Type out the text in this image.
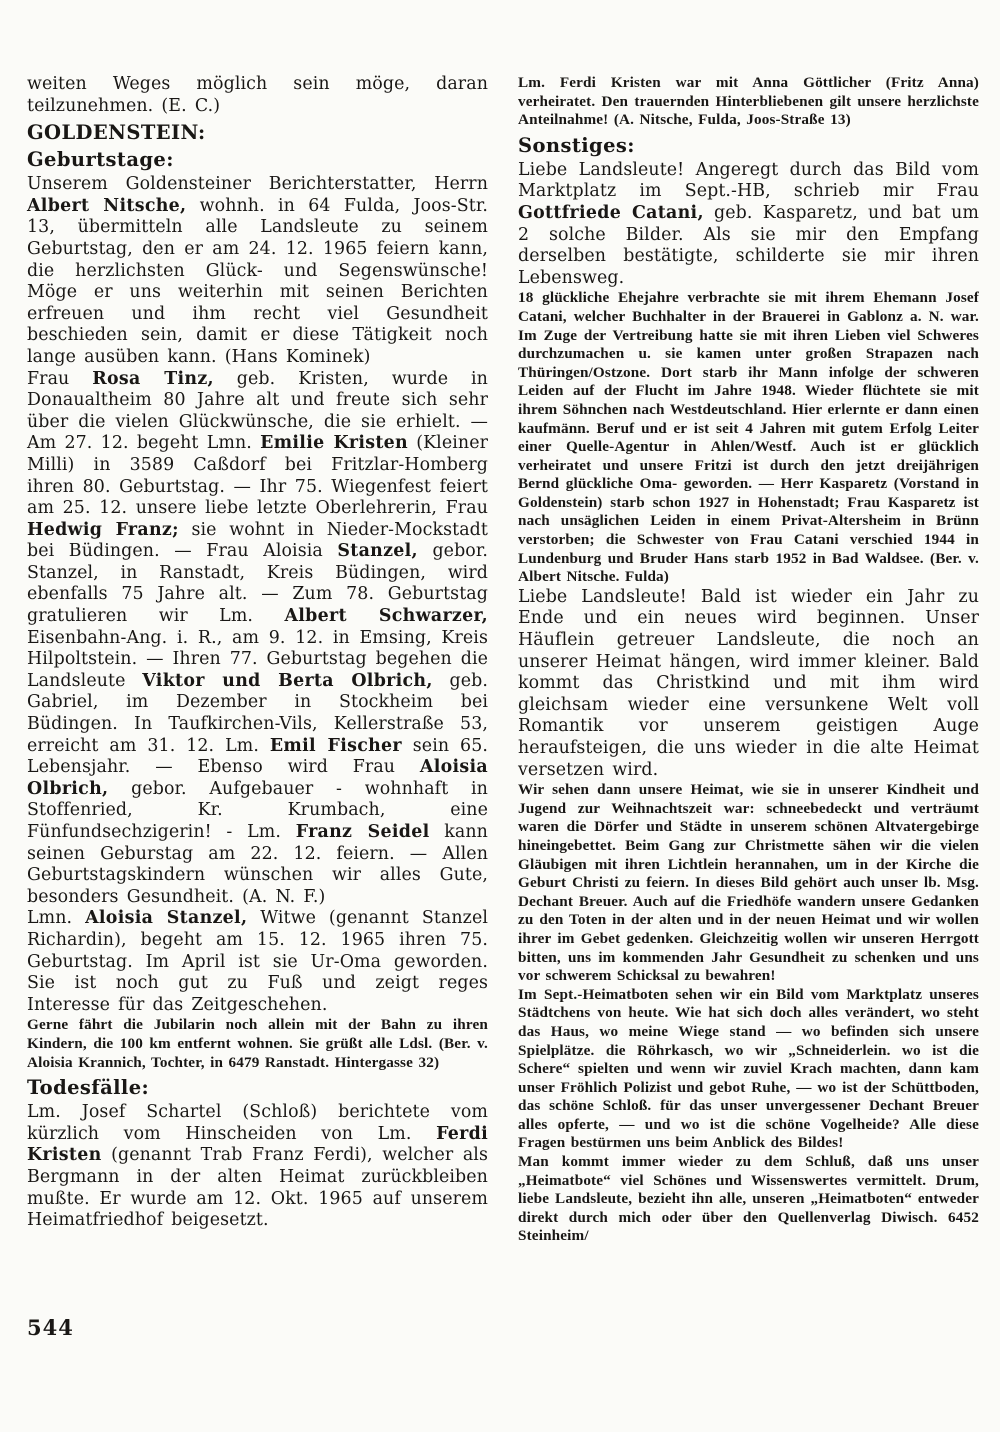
weiten Weges möglich sein möge, daran teilzunehmen. (E. C.)

GOLDENSTEIN:
Geburtstage:

Unserem Goldensteiner Berichterstatter, Herrn Albert Nitsche, wohnh. in 64 Fulda, Joos-Str. 13, übermitteln alle Landsleute zu seinem Geburtstag, den er am 24. 12. 1965 feiern kann, die herzlichsten Glück- und Segenswünsche! Möge er uns weiterhin mit seinen Berichten erfreuen und ihm recht viel Gesundheit beschieden sein, damit er diese Tätigkeit noch lange ausüben kann. (Hans Kominek)

Frau Rosa Tinz, geb. Kristen, wurde in Donaualtheim 80 Jahre alt und freute sich sehr über die vielen Glückwünsche, die sie erhielt. — Am 27. 12. begeht Lmn. Emilie Kristen (Kleiner Milli) in 3589 Caßdorf bei Fritzlar-Homberg ihren 80. Geburtstag. — Ihr 75. Wiegenfest feiert am 25. 12. unsere liebe letzte Oberlehrerin, Frau Hedwig Franz; sie wohnt in Nieder-Mockstadt bei Büdingen. — Frau Aloisia Stanzel, gebor. Stanzel, in Ranstadt, Kreis Büdingen, wird ebenfalls 75 Jahre alt. — Zum 78. Geburtstag gratulieren wir Lm. Albert Schwarzer, Eisenbahn-Ang. i. R., am 9. 12. in Emsing, Kreis Hilpoltstein. — Ihren 77. Geburtstag begehen die Landsleute Viktor und Berta Olbrich, geb. Gabriel, im Dezember in Stockheim bei Büdingen. In Taufkirchen-Vils, Kellerstraße 53, erreicht am 31. 12. Lm. Emil Fischer sein 65. Lebensjahr. — Ebenso wird Frau Aloisia Olbrich, gebor. Aufgebauer - wohnhaft in Stoffenried, Kr. Krumbach, eine Fünfundsechzigerin! - Lm. Franz Seidel kann seinen Geburstag am 22. 12. feiern. — Allen Geburtstagskindern wünschen wir alles Gute, besonders Gesundheit. (A. N. F.)

Lmn. Aloisia Stanzel, Witwe (genannt Stanzel Richardin), begeht am 15. 12. 1965 ihren 75. Geburtstag. Im April ist sie Ur-Oma geworden. Sie ist noch gut zu Fuß und zeigt reges Interesse für das Zeitgeschehen.

Gerne fährt die Jubilarin noch allein mit der Bahn zu ihren Kindern, die 100 km entfernt wohnen. Sie grüßt alle Ldsl. (Ber. v. Aloisia Krannich, Tochter, in 6479 Ranstadt. Hintergasse 32)

Todesfälle:

Lm. Josef Schartel (Schloß) berichtete vom kürzlich vom Hinscheiden von Lm. Ferdi Kristen (genannt Trab Franz Ferdi), welcher als Bergmann in der alten Heimat zurückbleiben mußte. Er wurde am 12. Okt. 1965 auf unserem Heimatfriedhof beigesetzt.

Lm. Ferdi Kristen war mit Anna Göttlicher (Fritz Anna) verheiratet. Den trauernden Hinterbliebenen gilt unsere herzlichste Anteilnahme! (A. Nitsche, Fulda, Joos-Straße 13)

Sonstiges:

Liebe Landsleute! Angeregt durch das Bild vom Marktplatz im Sept.-HB, schrieb mir Frau Gottfriede Catani, geb. Kasparetz, und bat um 2 solche Bilder. Als sie mir den Empfang derselben bestätigte, schilderte sie mir ihren Lebensweg.

18 glückliche Ehejahre verbrachte sie mit ihrem Ehemann Josef Catani, welcher Buchhalter in der Brauerei in Gablonz a. N. war. Im Zuge der Vertreibung hatte sie mit ihren Lieben viel Schweres durchzumachen u. sie kamen unter großen Strapazen nach Thüringen/Ostzone. Dort starb ihr Mann infolge der schweren Leiden auf der Flucht im Jahre 1948. Wieder flüchtete sie mit ihrem Söhnchen nach Westdeutschland. Hier erlernte er dann einen kaufmänn. Beruf und er ist seit 4 Jahren mit gutem Erfolg Leiter einer Quelle-Agentur in Ahlen/Westf. Auch ist er glücklich verheiratet und unsere Fritzi ist durch den jetzt dreijährigen Bernd glückliche Oma- geworden. — Herr Kasparetz (Vorstand in Goldenstein) starb schon 1927 in Hohenstadt; Frau Kasparetz ist nach unsäglichen Leiden in einem Privat-Altersheim in Brünn verstorben; die Schwester von Frau Catani verschied 1944 in Lundenburg und Bruder Hans starb 1952 in Bad Waldsee. (Ber. v. Albert Nitsche. Fulda)

Liebe Landsleute! Bald ist wieder ein Jahr zu Ende und ein neues wird beginnen. Unser Häuflein getreuer Landsleute, die noch an unserer Heimat hängen, wird immer kleiner. Bald kommt das Christkind und mit ihm wird gleichsam wieder eine versunkene Welt voll Romantik vor unserem geistigen Auge heraufsteigen, die uns wieder in die alte Heimat versetzen wird.

Wir sehen dann unsere Heimat, wie sie in unserer Kindheit und Jugend zur Weihnachtszeit war: schneebedeckt und verträumt waren die Dörfer und Städte in unserem schönen Altvatergebirge hineingebettet. Beim Gang zur Christmette sähen wir die vielen Gläubigen mit ihren Lichtlein herannahen, um in der Kirche die Geburt Christi zu feiern. In dieses Bild gehört auch unser lb. Msg. Dechant Breuer. Auch auf die Friedhöfe wandern unsere Gedanken zu den Toten in der alten und in der neuen Heimat und wir wollen ihrer im Gebet gedenken. Gleichzeitig wollen wir unseren Herrgott bitten, uns im kommenden Jahr Gesundheit zu schenken und uns vor schwerem Schicksal zu bewahren!

Im Sept.-Heimatboten sehen wir ein Bild vom Marktplatz unseres Städtchens von heute. Wie hat sich doch alles verändert, wo steht das Haus, wo meine Wiege stand — wo befinden sich unsere Spielplätze. die Röhrkasch, wo wir „Schneiderlein. wo ist die Schere“ spielten und wenn wir zuviel Krach machten, dann kam unser Fröhlich Polizist und gebot Ruhe, — wo ist der Schüttboden, das schöne Schloß. für das unser unvergessener Dechant Breuer alles opferte, — und wo ist die schöne Vogelheide? Alle diese Fragen bestürmen uns beim Anblick des Bildes!

Man kommt immer wieder zu dem Schluß, daß uns unser „Heimatbote“ viel Schönes und Wissenswertes vermittelt. Drum, liebe Landsleute, bezieht ihn alle, unseren „Heimatboten“ entweder direkt durch mich oder über den Quellenverlag Diwisch. 6452 Steinheim/

544
